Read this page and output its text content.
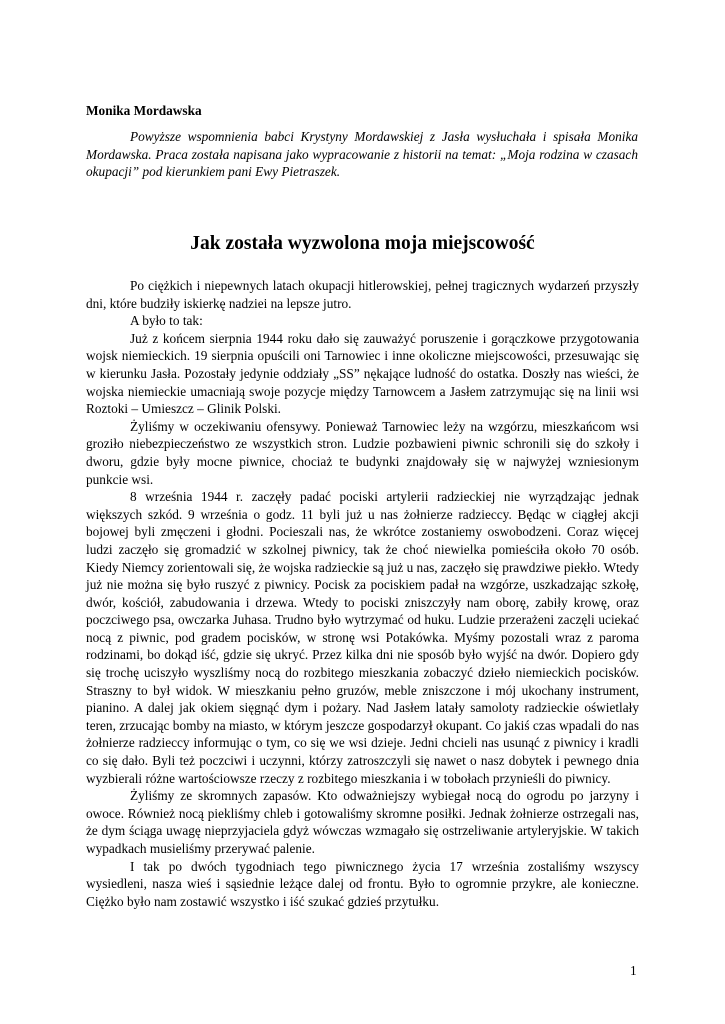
Monika Mordawska

Powyższe wspomnienia babci Krystyny Mordawskiej z Jasła wysłuchała i spisała Monika Mordawska. Praca została napisana jako wypracowanie z historii na temat: „Moja rodzina w czasach okupacji” pod kierunkiem pani Ewy Pietraszek.

Jak została wyzwolona moja miejscowość

Po ciężkich i niepewnych latach okupacji hitlerowskiej, pełnej tragicznych wydarzeń przyszły dni, które budziły iskierkę nadziei na lepsze jutro.

A było to tak:

Już z końcem sierpnia 1944 roku dało się zauważyć poruszenie i gorączkowe przygotowania wojsk niemieckich. 19 sierpnia opuścili oni Tarnowiec i inne okoliczne miejscowości, przesuwając się w kierunku Jasła. Pozostały jedynie oddziały „SS” nękające ludność do ostatka. Doszły nas wieści, że wojska niemieckie umacniają swoje pozycje między Tarnowcem a Jasłem zatrzymując się na linii wsi Roztoki – Umieszcz – Glinik Polski.

Żyliśmy w oczekiwaniu ofensywy. Ponieważ Tarnowiec leży na wzgórzu, mieszkańcom wsi groziło niebezpieczeństwo ze wszystkich stron. Ludzie pozbawieni piwnic schronili się do szkoły i dworu, gdzie były mocne piwnice, chociaż te budynki znajdowały się w najwyżej wzniesionym punkcie wsi.

8 września 1944 r. zaczęły padać pociski artylerii radzieckiej nie wyrządzając jednak większych szkód. 9 września o godz. 11 byli już u nas żołnierze radzieccy. Będąc w ciągłej akcji bojowej byli zmęczeni i głodni. Pocieszali nas, że wkrótce zostaniemy oswobodzeni. Coraz więcej ludzi zaczęło się gromadzić w szkolnej piwnicy, tak że choć niewielka pomieściła około 70 osób. Kiedy Niemcy zorientowali się, że wojska radzieckie są już u nas, zaczęło się prawdziwe piekło. Wtedy już nie można się było ruszyć z piwnicy. Pocisk za pociskiem padał na wzgórze, uszkadzając szkołę, dwór, kościół, zabudowania i drzewa. Wtedy to pociski zniszczyły nam oborę, zabiły krowę, oraz poczciwego psa, owczarka Juhasa. Trudno było wytrzymać od huku. Ludzie przerażeni zaczęli uciekać nocą z piwnic, pod gradem pocisków, w stronę wsi Potakówka. Myśmy pozostali wraz z paroma rodzinami, bo dokąd iść, gdzie się ukryć. Przez kilka dni nie sposób było wyjść na dwór. Dopiero gdy się trochę uciszyło wyszliśmy nocą do rozbitego mieszkania zobaczyć dzieło niemieckich pocisków. Straszny to był widok. W mieszkaniu pełno gruzów, meble zniszczone i mój ukochany instrument, pianino. A dalej jak okiem sięgnąć dym i pożary. Nad Jasłem latały samoloty radzieckie oświetlały teren, zrzucając bomby na miasto, w którym jeszcze gospodarzył okupant. Co jakiś czas wpadali do nas żołnierze radzieccy informując o tym, co się we wsi dzieje. Jedni chcieli nas usunąć z piwnicy i kradli co się dało. Byli też poczciwi i uczynni, którzy zatroszczyli się nawet o nasz dobytek i pewnego dnia wyzbierali różne wartościowsze rzeczy z rozbitego mieszkania i w tobołach przynieśli do piwnicy.

Żyliśmy ze skromnych zapasów. Kto odważniejszy wybiegał nocą do ogrodu po jarzyny i owoce. Również nocą piekliśmy chleb i gotowaliśmy skromne posiłki. Jednak żołnierze ostrzegali nas, że dym ściąga uwagę nieprzyjaciela gdyż wówczas wzmagało się ostrzeliwanie artyleryjskie. W takich wypadkach musieliśmy przerywać palenie.

I tak po dwóch tygodniach tego piwnicznego życia 17 września zostaliśmy wszyscy wysiedleni, nasza wieś i sąsiednie leżące dalej od frontu. Było to ogromnie przykre, ale konieczne. Ciężko było nam zostawić wszystko i iść szukać gdzieś przytułku.

1
